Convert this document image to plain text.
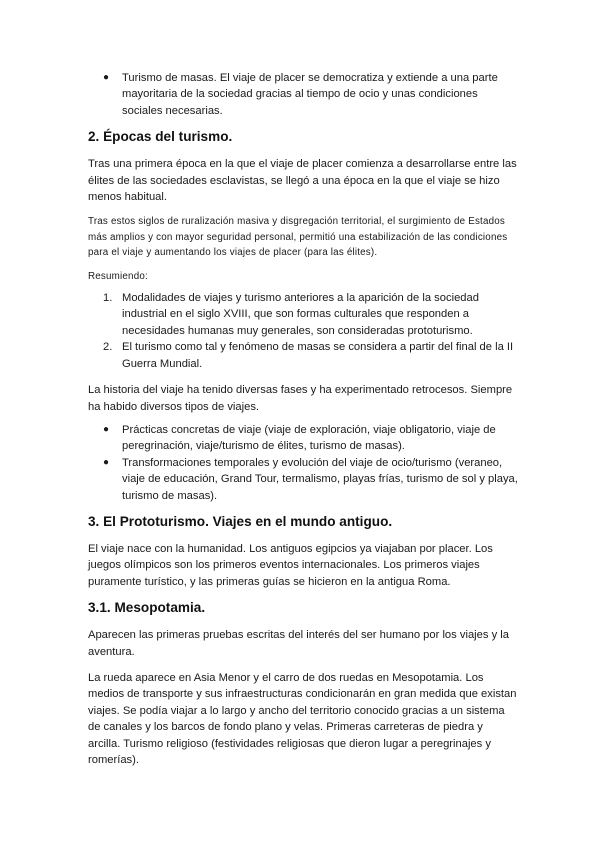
● Turismo de masas. El viaje de placer se democratiza y extiende a una parte mayoritaria de la sociedad gracias al tiempo de ocio y unas condiciones sociales necesarias.

2. Épocas del turismo.

Tras una primera época en la que el viaje de placer comienza a desarrollarse entre las élites de las sociedades esclavistas, se llegó a una época en la que el viaje se hizo menos habitual.

Tras estos siglos de ruralización masiva y disgregación territorial, el surgimiento de Estados más amplios y con mayor seguridad personal, permitió una estabilización de las condiciones para el viaje y aumentando los viajes de placer (para las élites).

Resumiendo:

1. Modalidades de viajes y turismo anteriores a la aparición de la sociedad industrial en el siglo XVIII, que son formas culturales que responden a necesidades humanas muy generales, son consideradas prototurismo.
2. El turismo como tal y fenómeno de masas se considera a partir del final de la II Guerra Mundial.

La historia del viaje ha tenido diversas fases y ha experimentado retrocesos. Siempre ha habido diversos tipos de viajes.

● Prácticas concretas de viaje (viaje de exploración, viaje obligatorio, viaje de peregrinación, viaje/turismo de élites, turismo de masas).
● Transformaciones temporales y evolución del viaje de ocio/turismo (veraneo, viaje de educación, Grand Tour, termalismo, playas frías, turismo de sol y playa, turismo de masas).

3. El Prototurismo. Viajes en el mundo antiguo.

El viaje nace con la humanidad. Los antiguos egipcios ya viajaban por placer. Los juegos olímpicos son los primeros eventos internacionales. Los primeros viajes puramente turístico, y las primeras guías se hicieron en la antigua Roma.

3.1. Mesopotamia.

Aparecen las primeras pruebas escritas del interés del ser humano por los viajes y la aventura.

La rueda aparece en Asia Menor y el carro de dos ruedas en Mesopotamia. Los medios de transporte y sus infraestructuras condicionarán en gran medida que existan viajes. Se podía viajar a lo largo y ancho del territorio conocido gracias a un sistema de canales y los barcos de fondo plano y velas. Primeras carreteras de piedra y arcilla. Turismo religioso (festividades religiosas que dieron lugar a peregrinajes y romerías).
